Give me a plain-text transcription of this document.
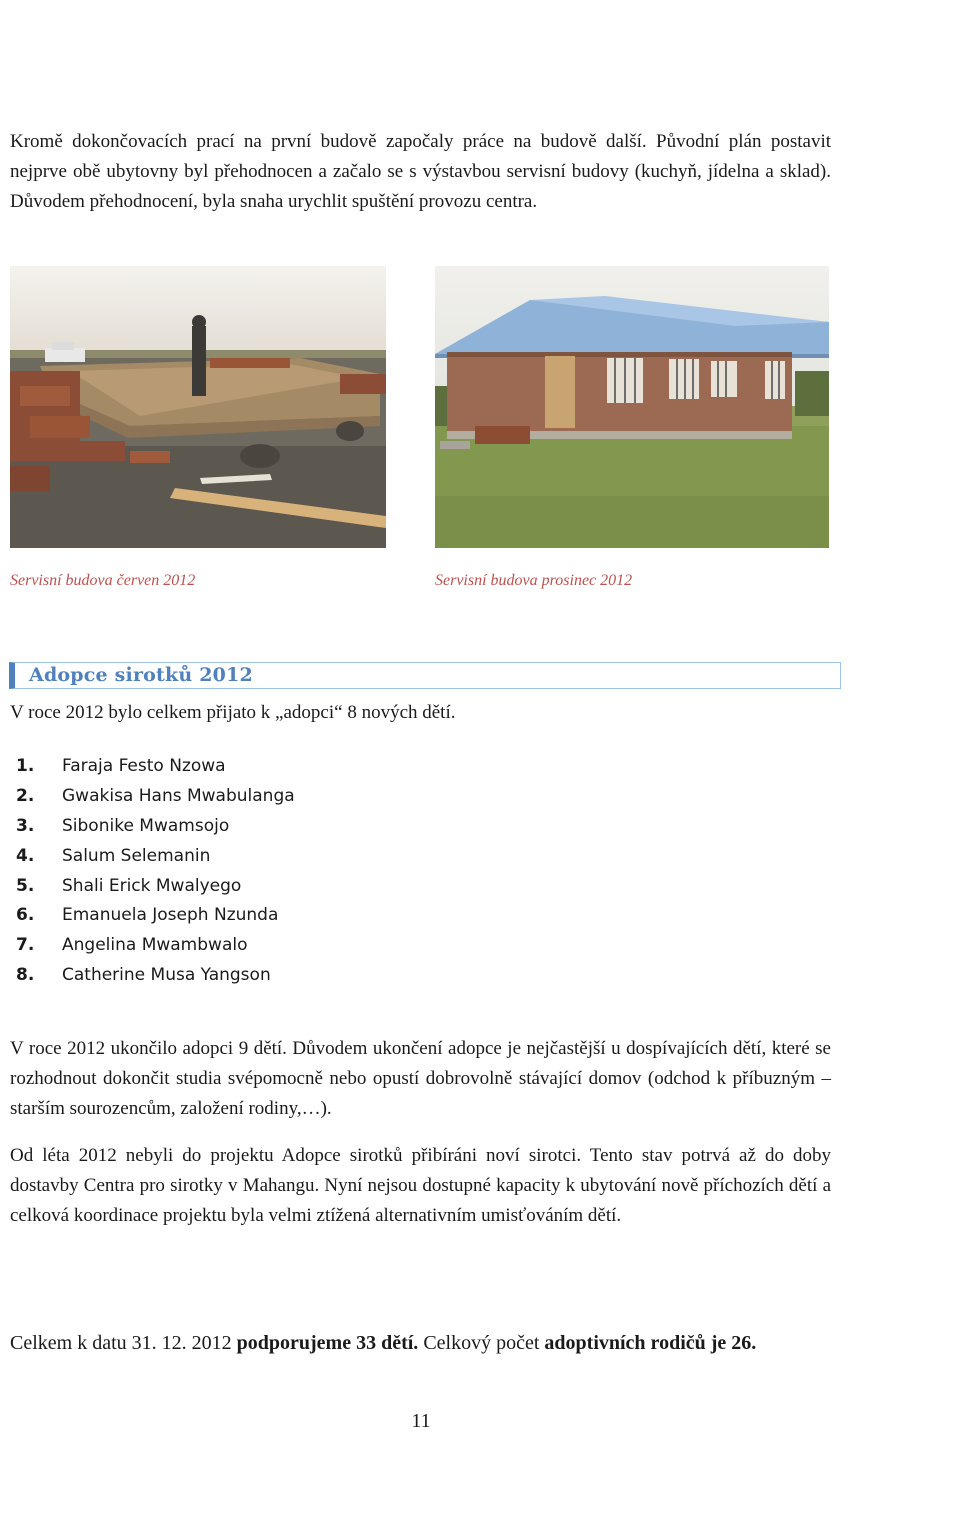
Kromě dokončovacích prací na první budově započaly práce na budově další. Původní plán postavit nejprve obě ubytovny byl přehodnocen a začalo se s výstavbou servisní budovy (kuchyň, jídelna a sklad). Důvodem přehodnocení, byla snaha urychlit spuštění provozu centra.

Servisní budova červen 2012	Servisní budova prosinec 2012
Adopce sirotků 2012

V roce 2012 bylo celkem přijato k „adopci“ 8 nových dětí.

1. Faraja Festo Nzowa
2. Gwakisa Hans Mwabulanga
3. Sibonike Mwamsojo
4. Salum Selemanin
5. Shali Erick Mwalyego
6. Emanuela Joseph Nzunda
7. Angelina Mwambwalo
8. Catherine Musa Yangson

V roce 2012 ukončilo adopci 9 dětí. Důvodem ukončení adopce je nejčastější u dospívajících dětí, které se rozhodnout dokončit studia svépomocně nebo opustí dobrovolně stávající domov (odchod k příbuzným – starším sourozencům, založení rodiny,…).

Od léta 2012 nebyli do projektu Adopce sirotků přibíráni noví sirotci. Tento stav potrvá až do doby dostavby Centra pro sirotky v Mahangu. Nyní nejsou dostupné kapacity k ubytování nově příchozích dětí a celková koordinace projektu byla velmi ztížená alternativním umisťováním dětí.

Celkem k datu 31. 12. 2012 podporujeme 33 dětí. Celkový počet adoptivních rodičů je 26.

11
